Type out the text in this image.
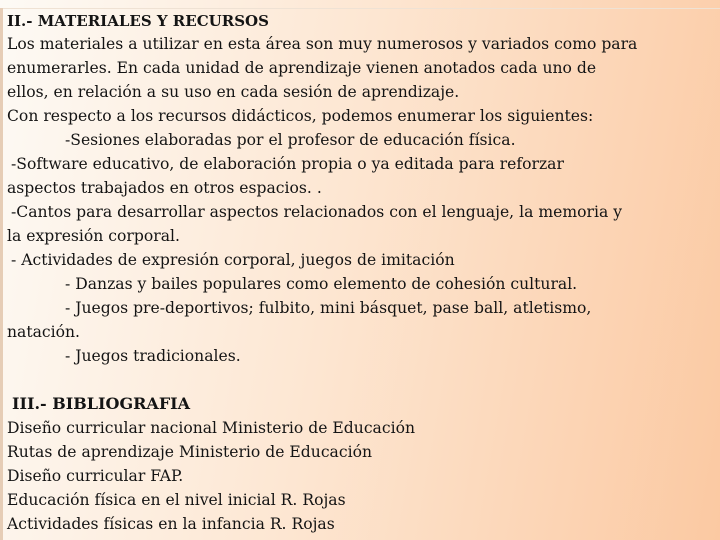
II.- MATERIALES Y RECURSOS

Los materiales a utilizar en esta área son muy numerosos y variados como para

enumerarles. En cada unidad de aprendizaje vienen anotados cada uno de

ellos, en relación a su uso en cada sesión de aprendizaje.

Con respecto a los recursos didácticos, podemos enumerar los siguientes:

-Sesiones elaboradas por el profesor de educación física.

-Software educativo, de elaboración propia o ya editada para reforzar

aspectos trabajados en otros espacios. .

-Cantos para desarrollar aspectos relacionados con el lenguaje, la memoria y

la expresión corporal.

- Actividades de expresión corporal, juegos de imitación

- Danzas y bailes populares como elemento de cohesión cultural.

- Juegos pre-deportivos; fulbito, mini básquet, pase ball, atletismo,

natación.

- Juegos tradicionales.

III.- BIBLIOGRAFIA

Diseño curricular nacional Ministerio de Educación

Rutas de aprendizaje Ministerio de Educación

Diseño curricular FAP.

Educación física en el nivel inicial R. Rojas

Actividades físicas en la infancia R. Rojas
